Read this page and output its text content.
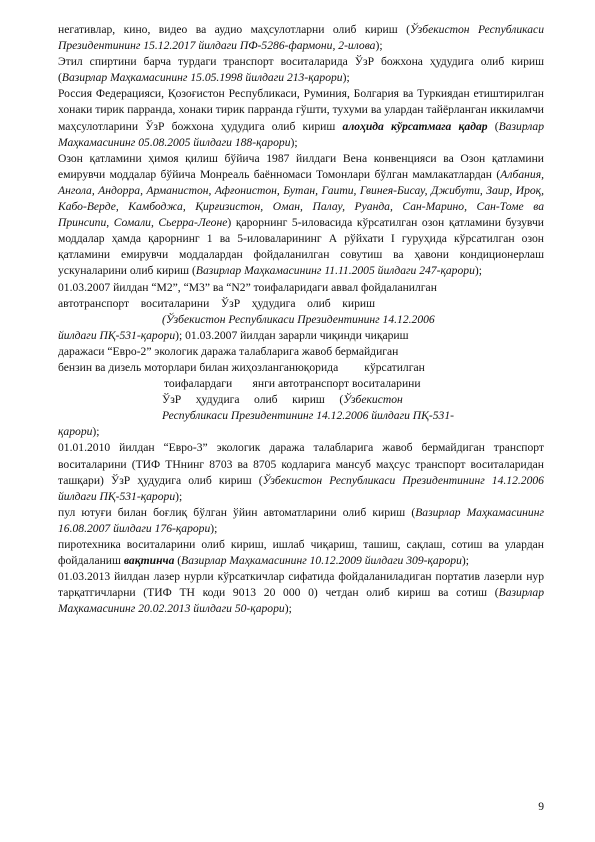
негативлар, кино, видео ва аудио маҳсулотларни олиб кириш (Ўзбекистон Республикаси Президентининг 15.12.2017 йилдаги ПФ-5286-фармони, 2-илова);
Этил спиртини барча турдаги транспорт воситаларида ЎзР божхона ҳудудига олиб кириш (Вазирлар Маҳкамасининг 15.05.1998 йилдаги 213-қарори);
Россия Федерацияси, Қозоғистон Республикаси, Руминия, Болгария ва Туркиядан етиштирилган хонаки тирик парранда, хонаки тирик парранда гўшти, тухуми ва улардан тайёрланган иккиламчи маҳсулотларини ЎзР божхона ҳудудига олиб кириш алоҳида кўрсатмага қадар (Вазирлар Маҳкамасининг 05.08.2005 йилдаги 188-қарори);
Озон қатламини ҳимоя қилиш бўйича 1987 йилдаги Вена конвенцияси ва Озон қатламини емирувчи моддалар бўйича Монреаль баённомаси Томонлари бўлган мамлакатлардан (Албания, Ангола, Андорра, Арманистон, Афғонистон, Бутан, Гаити, Гвинея-Бисау, Джибути, Заир, Ироқ, Кабо-Верде, Камбоджа, Қирғизистон, Оман, Палау, Руанда, Сан-Марино, Сан-Томе ва Принсипи, Сомали, Сьерра-Леоне) қарорнинг 5-иловасида кўрсатилган озон қатламини бузувчи моддалар ҳамда қарорнинг 1 ва 5-иловаларининг А рўйхати I гуруҳида кўрсатилган озон қатламини емирувчи моддалардан фойдаланилган совутиш ва ҳавони кондиционерлаш ускуналарини олиб кириш (Вазирлар Маҳкамасининг 11.11.2005 йилдаги 247-қарори);
01.03.2007 йилдан “М2”, “М3” ва “N2” тоифаларидаги аввал фойдаланилган
автотранспорт    воситаларини    ЎзР    ҳудудига    олиб    кириш
(Ўзбекистон Республикаси Президентининг 14.12.2006
йилдаги ПҚ-531-қарори); 01.03.2007 йилдан зарарли чиқинди чиқариш
даражаси “Евро-2” экологик даража талабларига жавоб бермайдиган
бензин ва дизель моторлари билан жиҳозланганюқорида         кўрсатилган
тоифалардаги       янги автотранспорт воситаларини
ЎзР     ҳудудига     олиб     кириш     (Ўзбекистон
Республикаси Президентининг 14.12.2006 йилдаги ПҚ-531-
қарори);
01.01.2010 йилдан “Евро-3” экологик даража талабларига жавоб бермайдиган транспорт воситаларини (ТИФ ТНнинг 8703 ва 8705 кодларига мансуб маҳсус транспорт воситаларидан ташқари) ЎзР ҳудудига олиб кириш (Ўзбекистон Республикаси Президентининг 14.12.2006 йилдаги ПҚ-531-қарори);
пул ютуғи билан боғлиқ бўлган ўйин автоматларини олиб кириш (Вазирлар Маҳкамасининг 16.08.2007 йилдаги 176-қарори);
пиротехника воситаларини олиб кириш, ишлаб чиқариш, ташиш, сақлаш, сотиш ва улардан фойдаланиш вақтинча (Вазирлар Маҳкамасининг 10.12.2009 йилдаги 309-қарори);
01.03.2013 йилдан лазер нурли кўрсаткичлар сифатида фойдаланиладиган портатив лазерли нур тарқатгичларни (ТИФ ТН коди 9013 20 000 0) четдан олиб кириш ва сотиш (Вазирлар Маҳкамасининг 20.02.2013 йилдаги 50-қарори);
9
